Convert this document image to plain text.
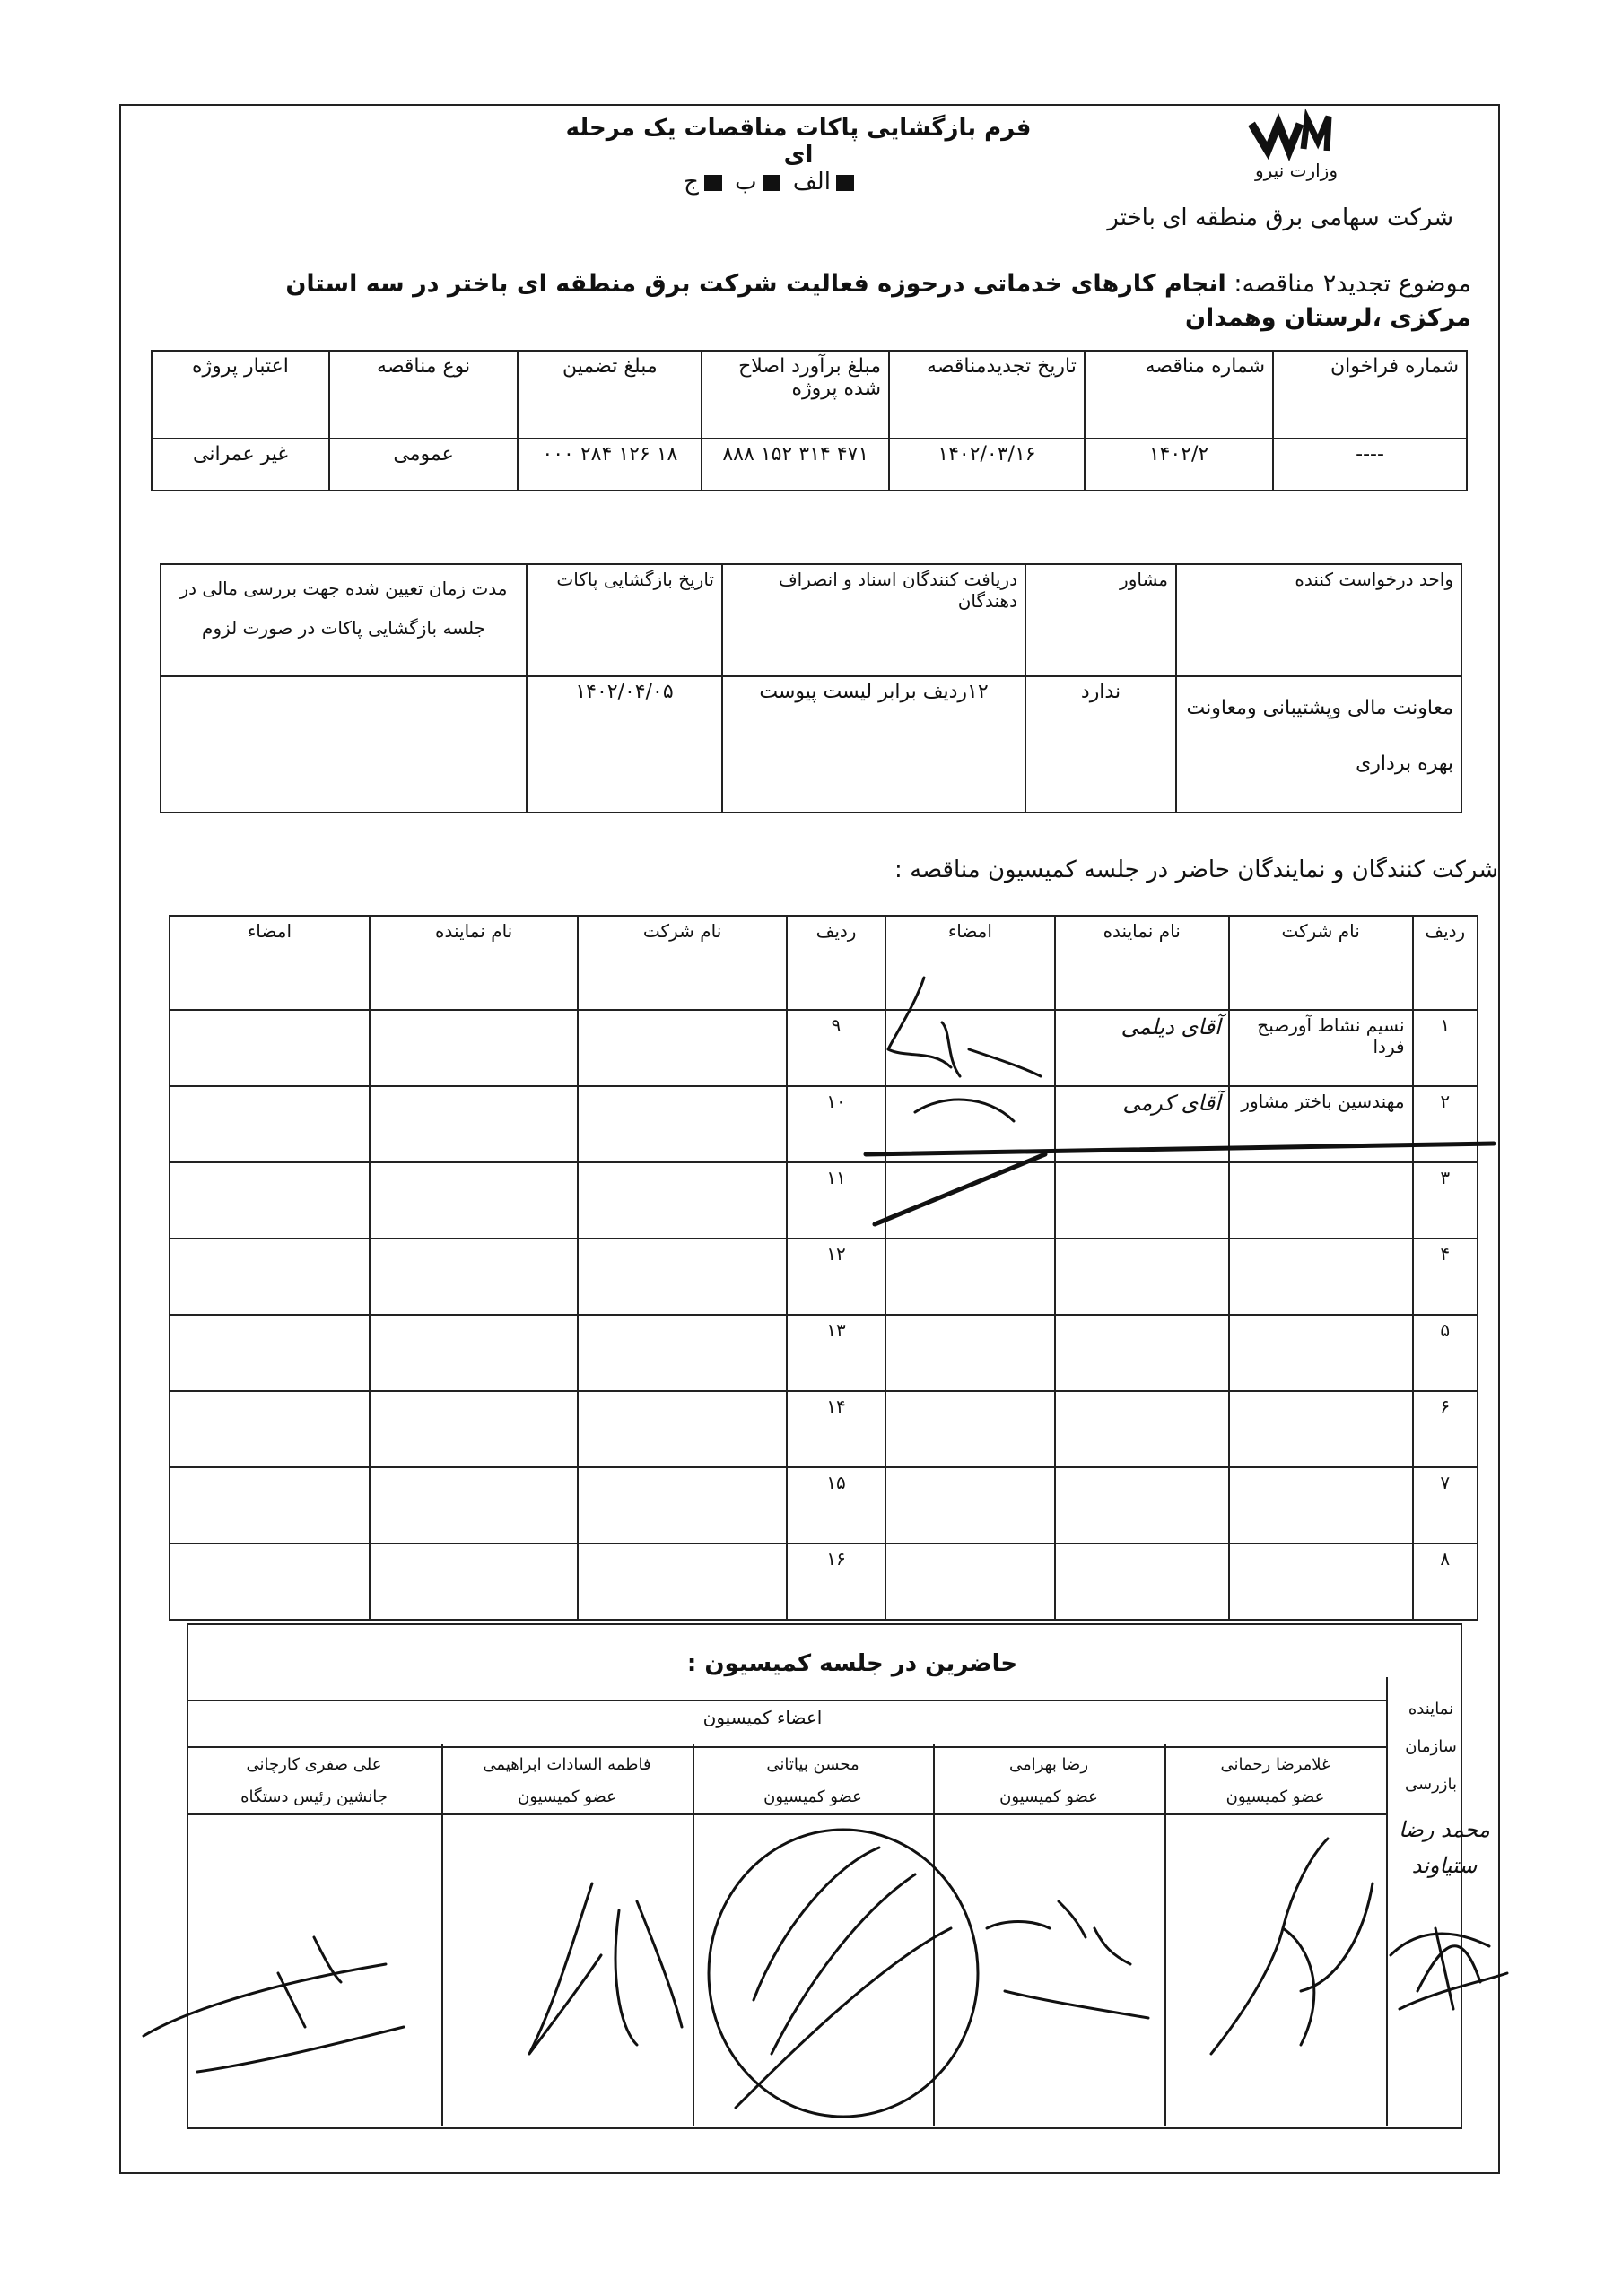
وزارت نیرو
فرم بازگشایی پاکات مناقصات یک مرحله ای
الف ب ج
شرکت سهامی برق منطقه ای باختر
موضوع تجدید۲ مناقصه: انجام کارهای خدماتی درحوزه فعالیت شرکت برق منطقه ای باختر در سه استان مرکزی ،لرستان وهمدان
شماره فراخوان	شماره مناقصه	تاریخ تجدیدمناقصه	مبلغ برآورد اصلاح شده پروژه	مبلغ تضمین	نوع مناقصه	اعتبار پروژه
----	۱۴۰۲/۲	۱۴۰۲/۰۳/۱۶	۴۷۱ ۳۱۴ ۱۵۲ ۸۸۸	۱۸ ۱۲۶ ۲۸۴ ۰۰۰	عمومی	غیر عمرانی
واحد درخواست کننده	مشاور	دریافت کنندگان اسناد و انصراف دهندگان	تاریخ بازگشایی پاکات	مدت زمان تعیین شده جهت بررسی مالی در جلسه بازگشایی پاکات در صورت لزوم
معاونت مالی وپشتیبانی ومعاونت بهره برداری	ندارد	۱۲ردیف برابر لیست پیوست	۱۴۰۲/۰۴/۰۵	
شرکت کنندگان و نمایندگان حاضر در جلسه کمیسیون مناقصه :
ردیف	نام شرکت	نام نماینده	امضاء	ردیف	نام شرکت	نام نماینده	امضاء
۱	نسیم نشاط آورصبح فردا	آقای دیلمی		۹			
۲	مهندسین باختر مشاور	آقای کرمی		۱۰			
۳				۱۱			
۴				۱۲			
۵				۱۳			
۶				۱۴			
۷				۱۵			
۸				۱۶			
حاضرین در جلسه کمیسیون :
نماینده سازمان
بازرسی
اعضاء کمیسیون
غلامرضا رحمانی
عضو کمیسیون
رضا بهرامی
عضو کمیسیون
محسن بیاتانی
عضو کمیسیون
فاطمه السادات ابراهیمی
عضو کمیسیون
علی صفری کارچانی
جانشین رئیس دستگاه
محمد رضا
ستیاوند
